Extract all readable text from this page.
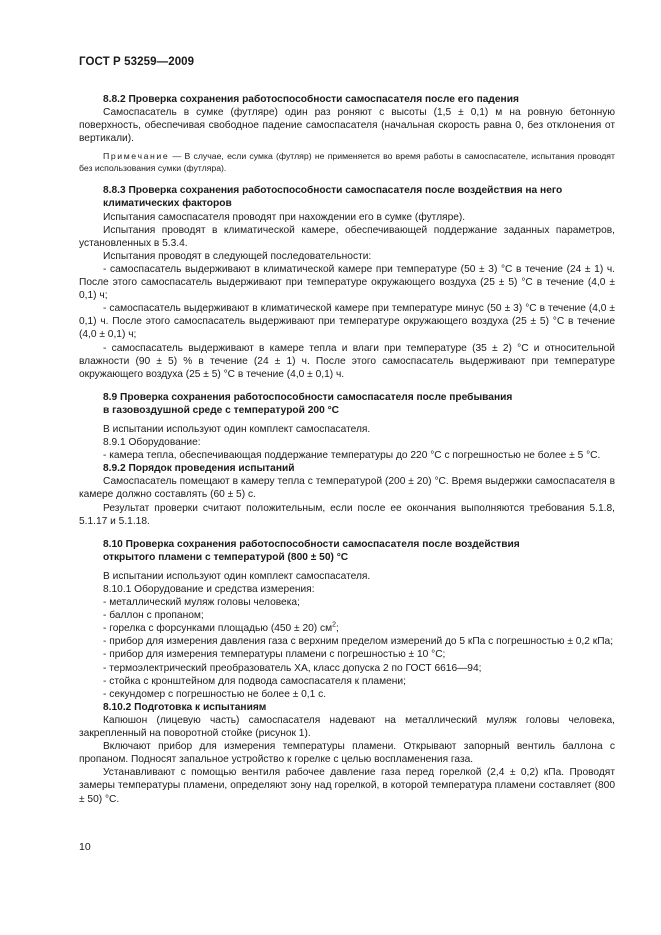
ГОСТ Р 53259—2009

8.8.2 Проверка сохранения работоспособности самоспасателя после его падения

Самоспасатель в сумке (футляре) один раз роняют с высоты (1,5 ± 0,1) м на ровную бетонную поверхность, обеспечивая свободное падение самоспасателя (начальная скорость равна 0, без отклонения от вертикали).

Примечание — В случае, если сумка (футляр) не применяется во время работы в самоспасателе, испытания проводят без использования сумки (футляра).

8.8.3 Проверка сохранения работоспособности самоспасателя после воздействия на него климатических факторов

Испытания самоспасателя проводят при нахождении его в сумке (футляре).

Испытания проводят в климатической камере, обеспечивающей поддержание заданных параметров, установленных в 5.3.4.

Испытания проводят в следующей последовательности:

- самоспасатель выдерживают в климатической камере при температуре (50 ± 3) °С в течение (24 ± 1) ч. После этого самоспасатель выдерживают при температуре окружающего воздуха (25 ± 5) °С в течение (4,0 ± 0,1) ч;

- самоспасатель выдерживают в климатической камере при температуре минус (50 ± 3) °С в течение (4,0 ± 0,1) ч. После этого самоспасатель выдерживают при температуре окружающего воздуха (25 ± 5) °С в течение (4,0 ± 0,1) ч;

- самоспасатель выдерживают в камере тепла и влаги при температуре (35 ± 2) °С и относительной влажности (90 ± 5) % в течение (24 ± 1) ч. После этого самоспасатель выдерживают при температуре окружающего воздуха (25 ± 5) °С в течение (4,0 ± 0,1) ч.

8.9 Проверка сохранения работоспособности самоспасателя после пребывания

в газовоздушной среде с температурой 200 °С

В испытании используют один комплект самоспасателя.

8.9.1 Оборудование:

- камера тепла, обеспечивающая поддержание температуры до 220 °С с погрешностью не более ± 5 °С.

8.9.2 Порядок проведения испытаний

Самоспасатель помещают в камеру тепла с температурой (200 ± 20) °С. Время выдержки самоспасателя в камере должно составлять (60 ± 5) с.

Результат проверки считают положительным, если после ее окончания выполняются требования 5.1.8, 5.1.17 и 5.1.18.

8.10 Проверка сохранения работоспособности самоспасателя после воздействия

открытого пламени с температурой (800 ± 50) °С

В испытании используют один комплект самоспасателя.

8.10.1 Оборудование и средства измерения:

- металлический муляж головы человека;

- баллон с пропаном;

- горелка с форсунками площадью (450 ± 20) $см^2$;

- прибор для измерения давления газа с верхним пределом измерений до 5 кПа с погрешностью ± 0,2 кПа;

- прибор для измерения температуры пламени с погрешностью ± 10 °С;

- термоэлектрический преобразователь ХА, класс допуска 2 по ГОСТ 6616—94;

- стойка с кронштейном для подвода самоспасателя к пламени;

- секундомер с погрешностью не более ± 0,1 с.

8.10.2 Подготовка к испытаниям

Капюшон (лицевую часть) самоспасателя надевают на металлический муляж головы человека, закрепленный на поворотной стойке (рисунок 1).

Включают прибор для измерения температуры пламени. Открывают запорный вентиль баллона с пропаном. Подносят запальное устройство к горелке с целью воспламенения газа.

Устанавливают с помощью вентиля рабочее давление газа перед горелкой (2,4 ± 0,2) кПа. Проводят замеры температуры пламени, определяют зону над горелкой, в которой температура пламени составляет (800 ± 50) °С.

10
